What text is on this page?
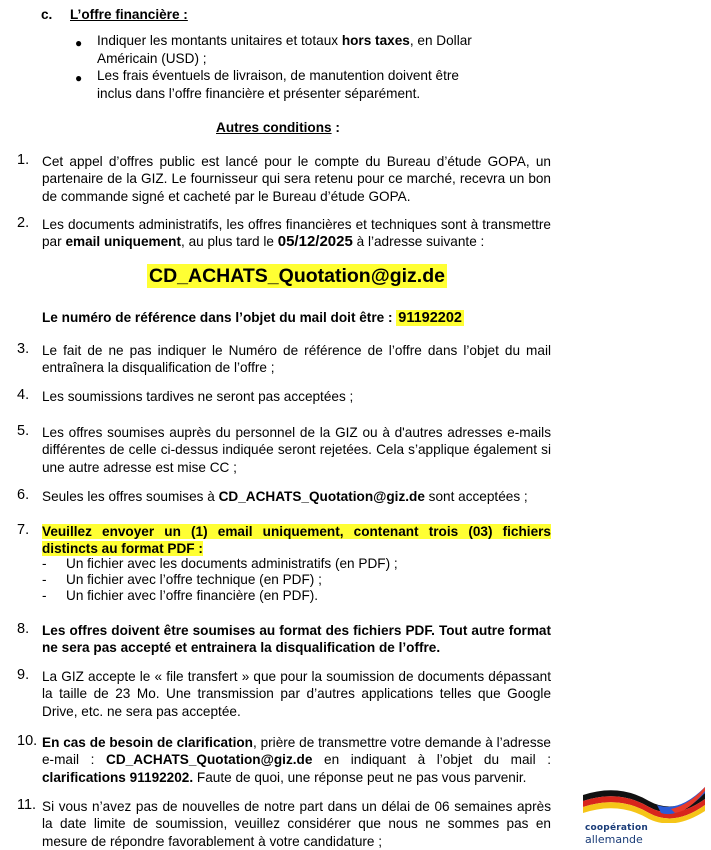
c. L’offre financière :
● Indiquer les montants unitaires et totaux hors taxes, en Dollar
Américain (USD) ;
● Les frais éventuels de livraison, de manutention doivent être
inclus dans l’offre financière et présenter séparément.
Autres conditions :
1. Cet appel d’offres public est lancé pour le compte du Bureau d’étude GOPA, un partenaire de la GIZ. Le fournisseur qui sera retenu pour ce marché, recevra un bon de commande signé et cacheté par le Bureau d’étude GOPA.
2. Les documents administratifs, les offres financières et techniques sont à transmettre par email uniquement, au plus tard le 05/12/2025 à l’adresse suivante :
CD_ACHATS_Quotation@giz.de
Le numéro de référence dans l’objet du mail doit être : 91192202
3. Le fait de ne pas indiquer le Numéro de référence de l’offre dans l’objet du mail entraînera la disqualification de l’offre ;
4. Les soumissions tardives ne seront pas acceptées ;
5. Les offres soumises auprès du personnel de la GIZ ou à d'autres adresses e-mails différentes de celle ci-dessus indiquée seront rejetées. Cela s’applique également si une autre adresse est mise CC ;
6. Seules les offres soumises à CD_ACHATS_Quotation@giz.de sont acceptées ;
7. Veuillez envoyer un (1) email uniquement, contenant trois (03) fichiers distincts au format PDF :
- Un fichier avec les documents administratifs (en PDF) ;
- Un fichier avec l’offre technique (en PDF) ;
- Un fichier avec l’offre financière (en PDF).
8. Les offres doivent être soumises au format des fichiers PDF. Tout autre format ne sera pas accepté et entrainera la disqualification de l’offre.
9. La GIZ accepte le « file transfert » que pour la soumission de documents dépassant la taille de 23 Mo. Une transmission par d’autres applications telles que Google Drive, etc. ne sera pas acceptée.
10. En cas de besoin de clarification, prière de transmettre votre demande à l’adresse e-mail : CD_ACHATS_Quotation@giz.de en indiquant à l’objet du mail : clarifications 91192202. Faute de quoi, une réponse peut ne pas vous parvenir.
11. Si vous n’avez pas de nouvelles de notre part dans un délai de 06 semaines après la date limite de soumission, veuillez considérer que nous ne sommes pas en mesure de répondre favorablement à votre candidature ;
coopération
allemande
